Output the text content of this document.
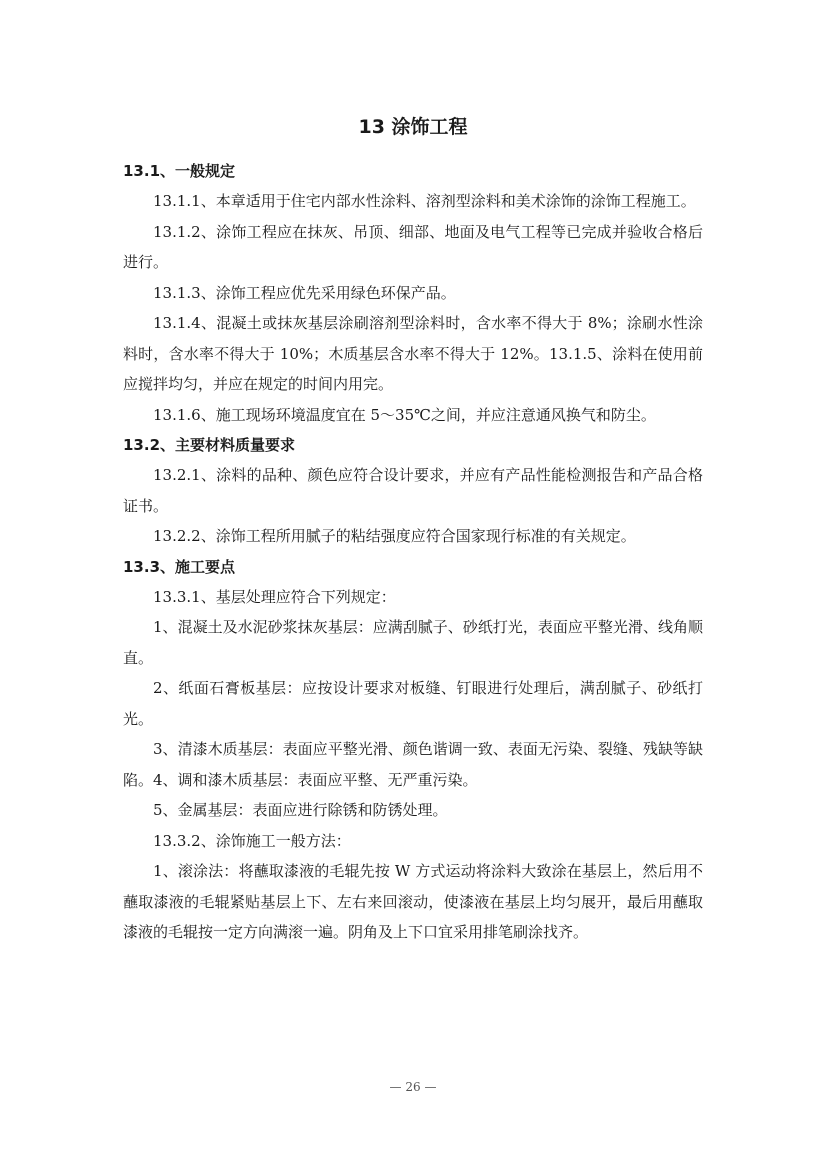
13 涂饰工程
13.1、一般规定

13.1.1、本章适用于住宅内部水性涂料、溶剂型涂料和美术涂饰的涂饰工程施工。

13.1.2、涂饰工程应在抹灰、吊顶、细部、地面及电气工程等已完成并验收合格后进行。

13.1.3、涂饰工程应优先采用绿色环保产品。

13.1.4、混凝土或抹灰基层涂刷溶剂型涂料时，含水率不得大于 8%；涂刷水性涂料时，含水率不得大于 10%；木质基层含水率不得大于 12%。13.1.5、涂料在使用前应搅拌均匀，并应在规定的时间内用完。

13.1.6、施工现场环境温度宜在 5～35℃之间，并应注意通风换气和防尘。

13.2、主要材料质量要求

13.2.1、涂料的品种、颜色应符合设计要求，并应有产品性能检测报告和产品合格证书。

13.2.2、涂饰工程所用腻子的粘结强度应符合国家现行标准的有关规定。

13.3、施工要点

13.3.1、基层处理应符合下列规定：

1、混凝土及水泥砂浆抹灰基层：应满刮腻子、砂纸打光，表面应平整光滑、线角顺直。

2、纸面石膏板基层：应按设计要求对板缝、钉眼进行处理后，满刮腻子、砂纸打光。

3、清漆木质基层：表面应平整光滑、颜色谐调一致、表面无污染、裂缝、残缺等缺陷。4、调和漆木质基层：表面应平整、无严重污染。

5、金属基层：表面应进行除锈和防锈处理。

13.3.2、涂饰施工一般方法：

1、滚涂法：将蘸取漆液的毛辊先按 W 方式运动将涂料大致涂在基层上，然后用不蘸取漆液的毛辊紧贴基层上下、左右来回滚动，使漆液在基层上均匀展开，最后用蘸取漆液的毛辊按一定方向满滚一遍。阴角及上下口宜采用排笔刷涂找齐。

— 26 —
